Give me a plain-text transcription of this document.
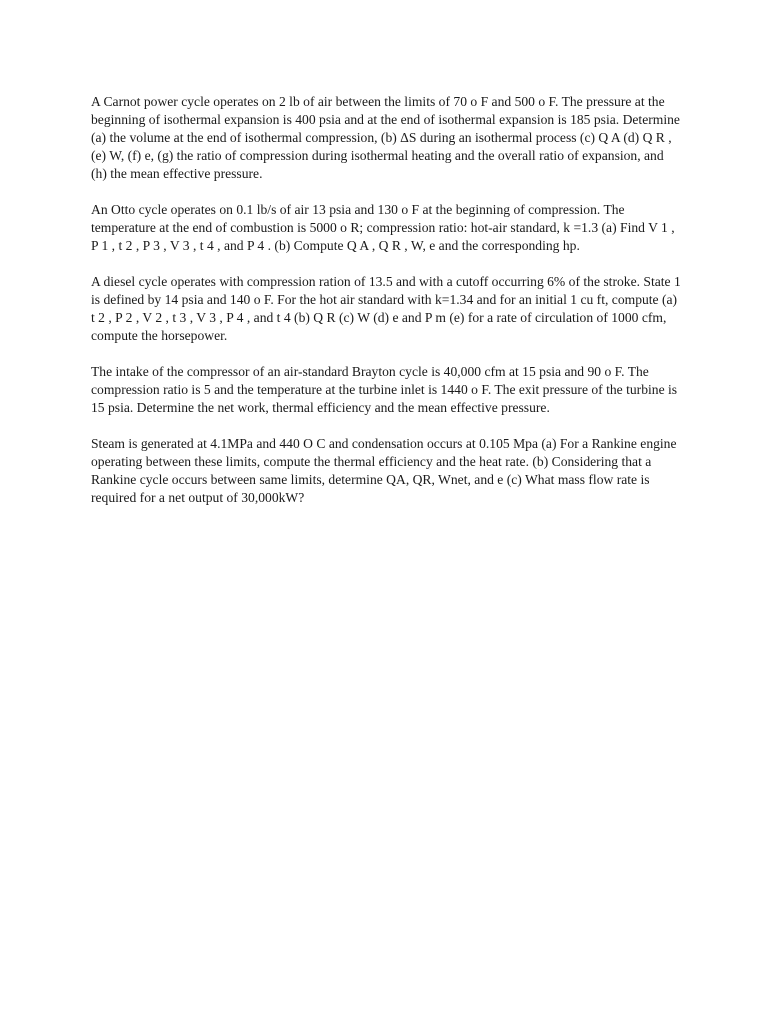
A Carnot power cycle operates on 2 lb of air between the limits of 70 o F and 500 o F. The pressure at the beginning of isothermal expansion is 400 psia and at the end of isothermal expansion is 185 psia. Determine (a) the volume at the end of isothermal compression, (b) ΔS during an isothermal process (c) Q A (d) Q R , (e) W, (f) e, (g) the ratio of compression during isothermal heating and the overall ratio of expansion, and (h) the mean effective pressure.

An Otto cycle operates on 0.1 lb/s of air 13 psia and 130 o F at the beginning of compression. The temperature at the end of combustion is 5000 o R; compression ratio: hot-air standard, k =1.3 (a) Find V 1 , P 1 , t 2 , P 3 , V 3 , t 4 , and P 4 . (b) Compute Q A , Q R , W, e and the corresponding hp.

A diesel cycle operates with compression ration of 13.5 and with a cutoff occurring 6% of the stroke. State 1 is defined by 14 psia and 140 o F. For the hot air standard with k=1.34 and for an initial 1 cu ft, compute (a) t 2 , P 2 , V 2 , t 3 , V 3 , P 4 , and t 4 (b) Q R (c) W (d) e and P m (e) for a rate of circulation of 1000 cfm, compute the horsepower.

The intake of the compressor of an air-standard Brayton cycle is 40,000 cfm at 15 psia and 90 o F. The compression ratio is 5 and the temperature at the turbine inlet is 1440 o F. The exit pressure of the turbine is 15 psia. Determine the net work, thermal efficiency and the mean effective pressure.

Steam is generated at 4.1MPa and 440 O C and condensation occurs at 0.105 Mpa (a) For a Rankine engine operating between these limits, compute the thermal efficiency and the heat rate. (b) Considering that a Rankine cycle occurs between same limits, determine QA, QR, Wnet, and e (c) What mass flow rate is required for a net output of 30,000kW?
